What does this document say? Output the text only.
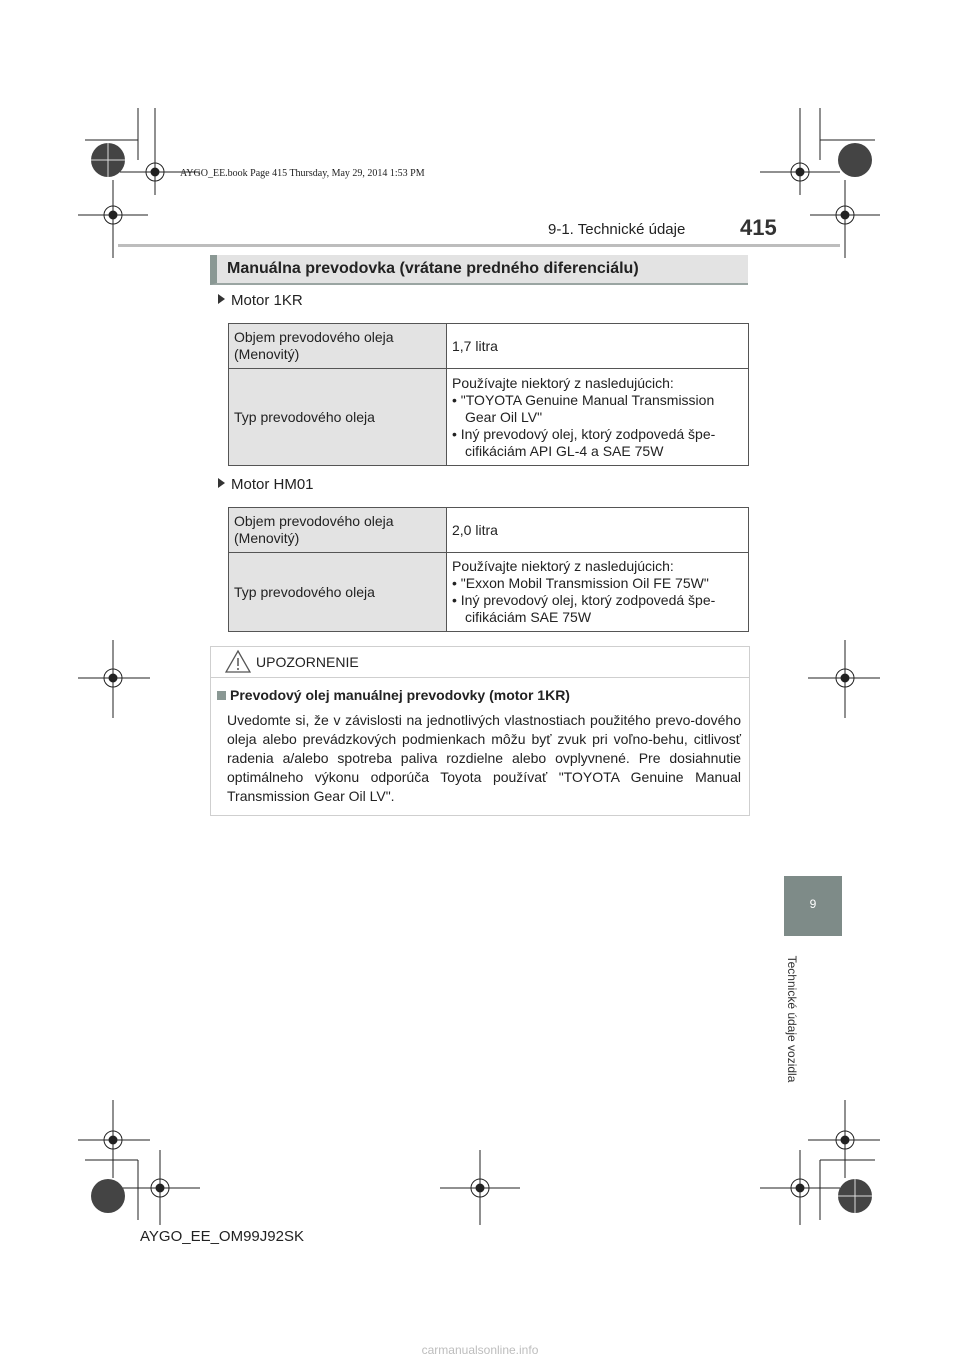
AYGO_EE.book Page 415 Thursday, May 29, 2014 1:53 PM
9-1. Technické údaje 415
Manuálna prevodovka (vrátane predného diferenciálu)
Motor 1KR
Objem prevodového oleja (Menovitý)	1,7 litra
Typ prevodového oleja	Používajte niektorý z nasledujúcich:
• "TOYOTA Genuine Manual Transmission Gear Oil LV"
• Iný prevodový olej, ktorý zodpovedá špe-cifikáciám API GL-4 a SAE 75W
Motor HM01
Objem prevodového oleja (Menovitý)	2,0 litra
Typ prevodového oleja	Používajte niektorý z nasledujúcich:
• "Exxon Mobil Transmission Oil FE 75W"
• Iný prevodový olej, ktorý zodpovedá špe-cifikáciám SAE 75W
UPOZORNENIE
Prevodový olej manuálnej prevodovky (motor 1KR)
Uvedomte si, že v závislosti na jednotlivých vlastnostiach použitého prevo-dového oleja alebo prevádzkových podmienkach môžu byť zvuk pri voľno-behu, citlivosť radenia a/alebo spotreba paliva rozdielne alebo ovplyvnené. Pre dosiahnutie optimálneho výkonu odporúča Toyota používať "TOYOTA Genuine Manual Transmission Gear Oil LV".
9
Technické údaje vozidla
AYGO_EE_OM99J92SK
carmanualsonline.info
